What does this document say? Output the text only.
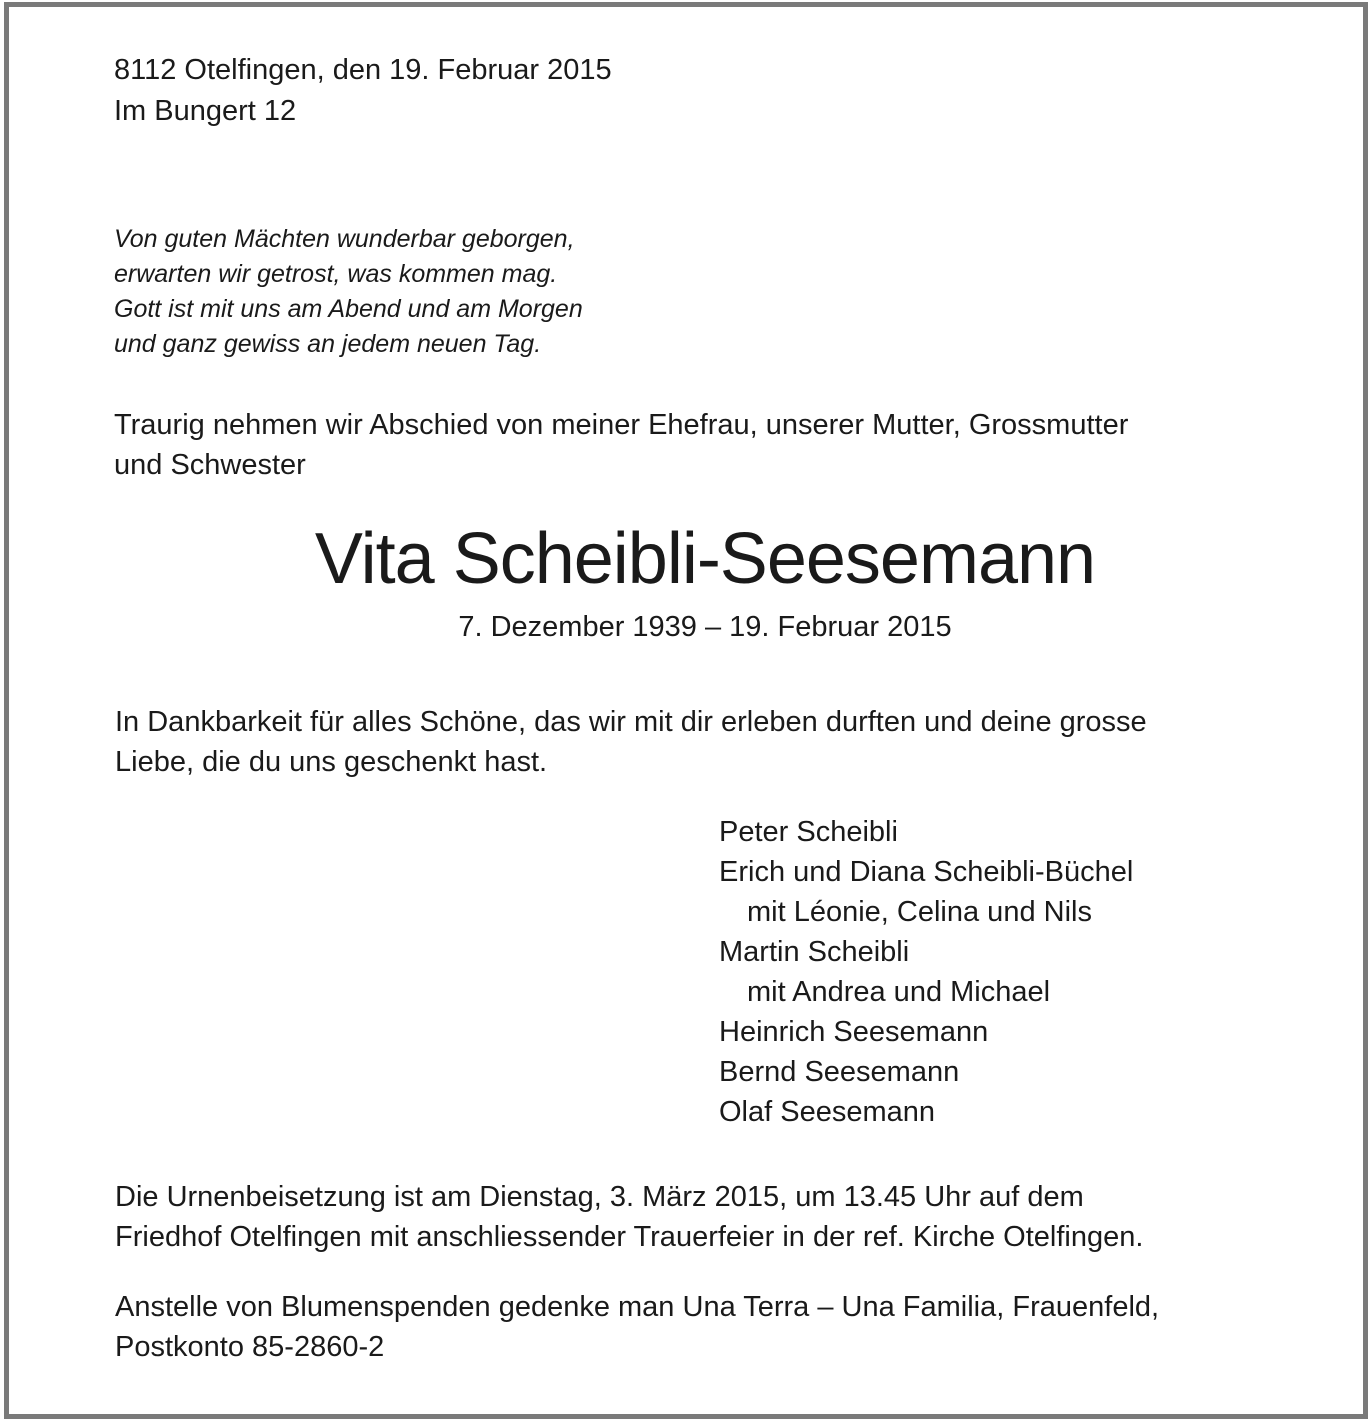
8112 Otelfingen, den 19. Februar 2015
Im Bungert 12
Von guten Mächten wunderbar geborgen,
erwarten wir getrost, was kommen mag.
Gott ist mit uns am Abend und am Morgen
und ganz gewiss an jedem neuen Tag.
Traurig nehmen wir Abschied von meiner Ehefrau, unserer Mutter, Grossmutter
und Schwester
Vita Scheibli-Seesemann
7. Dezember 1939 – 19. Februar 2015
In Dankbarkeit für alles Schöne, das wir mit dir erleben durften und deine grosse
Liebe, die du uns geschenkt hast.
Peter Scheibli
Erich und Diana Scheibli-Büchel
mit Léonie, Celina und Nils
Martin Scheibli
mit Andrea und Michael
Heinrich Seesemann
Bernd Seesemann
Olaf Seesemann
Die Urnenbeisetzung ist am Dienstag, 3. März 2015, um 13.45 Uhr auf dem
Friedhof Otelfingen mit anschliessender Trauerfeier in der ref. Kirche Otelfingen.
Anstelle von Blumenspenden gedenke man Una Terra – Una Familia, Frauenfeld,
Postkonto 85-2860-2
